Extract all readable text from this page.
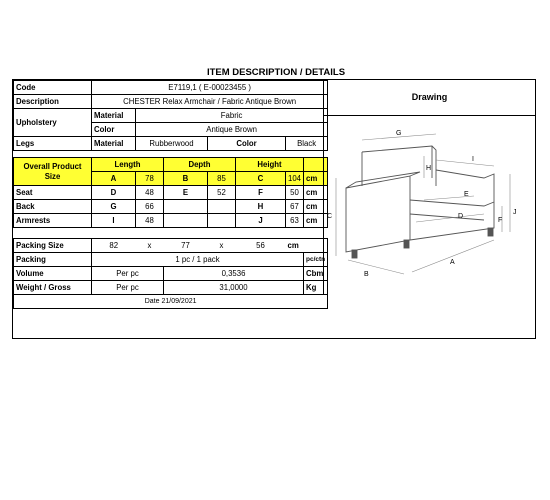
ITEM DESCRIPTION / DETAILS
Code	E7119,1 ( E-00023455 )						
Description	CHESTER Relax Armchair / Fabric Antique Brown						
Upholstery	Material	Fabric					
	Color	Antique Brown					
Legs	Material	Rubberwood		Color		Black	

Overall Product Size	Length		Depth		Height		
	A	78	B	85	C	104	cm
Seat	D	48	E	52	F	50	cm
Back	G	66			H	67	cm
Armrests	I	48			J	63	cm

Packing Size	82	x	77	x	56	cm	
Packing	1 pc / 1 pack						pc/ctn
Volume	Per pc		0,3536				Cbm
Weight / Gross	Per pc		31,0000				Kg
Date 21/09/2021							
Drawing
G
I
H
E
D
C
F
J
B
A
